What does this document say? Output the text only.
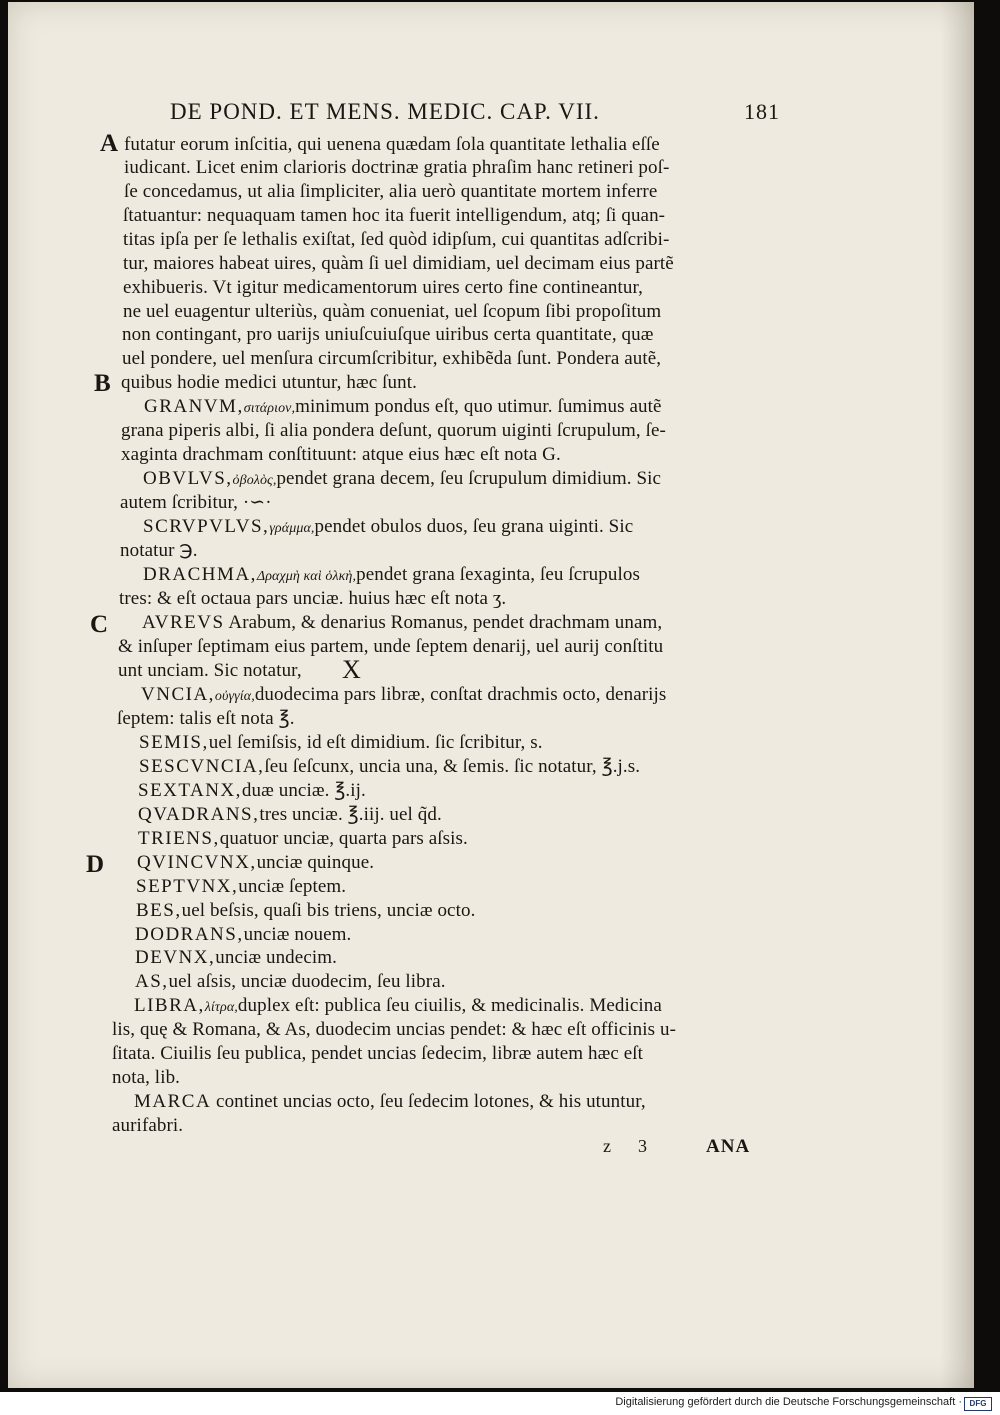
DE POND. ET MENS. MEDIC. CAP. VII.	181
A
B
C
D
futatur eorum inſcitia, qui uenena quædam ſola quantitate lethalia eſſe
iudicant. Licet enim clarioris doctrinæ gratia phraſim hanc retineri poſ-
ſe concedamus, ut alia ſimpliciter, alia uerò quantitate mortem inferre
ſtatuantur: nequaquam tamen hoc ita fuerit intelligendum, atq; ſi quan-
titas ipſa per ſe lethalis exiſtat, ſed quòd idipſum, cui quantitas adſcribi-
tur, maiores habeat uires, quàm ſi uel dimidiam, uel decimam eius partẽ
exhibueris. Vt igitur medicamentorum uires certo fine contineantur,
ne uel euagentur ulteriùs, quàm conueniat, uel ſcopum ſibi propoſitum
non contingant, pro uarijs uniuſcuiuſque uiribus certa quantitate, quæ
uel pondere, uel menſura circumſcribitur, exhibẽda ſunt. Pondera autẽ,
quibus hodie medici utuntur, hæc ſunt.
GRANVM,σιτάριον,minimum pondus eſt, quo utimur. ſumimus autẽ
grana piperis albi, ſi alia pondera deſunt, quorum uiginti ſcrupulum, ſe-
xaginta drachmam conſtituunt: atque eius hæc eſt nota G.
OBVLVS,ὀβολὸς,pendet grana decem, ſeu ſcrupulum dimidium. Sic
autem ſcribitur, ·∽·
SCRVPVLVS,γράμμα,pendet obulos duos, ſeu grana uiginti. Sic
notatur ℈.
DRACHMA,Δραχμὴ καὶ ὁλκὴ,pendet grana ſexaginta, ſeu ſcrupulos
tres: & eſt octaua pars unciæ. huius hæc eſt nota ʒ.
AVREVS Arabum, & denarius Romanus, pendet drachmam unam,
& inſuper ſeptimam eius partem, unde ſeptem denarij, uel aurij conſtitu
unt unciam. Sic notatur, X
VNCIA,οὐγγία,duodecima pars libræ, conſtat drachmis octo, denarijs
ſeptem: talis eſt nota ℥.
SEMIS,uel ſemiſsis, id eſt dimidium. ſic ſcribitur, s.
SESCVNCIA,ſeu ſeſcunx, uncia una, & ſemis. ſic notatur, ℥.j.s.
SEXTANX,duæ unciæ. ℥.ij.
QVADRANS,tres unciæ. ℥.iij. uel q̃d.
TRIENS,quatuor unciæ, quarta pars aſsis.
QVINCVNX,unciæ quinque.
SEPTVNX,unciæ ſeptem.
BES,uel beſsis, quaſi bis triens, unciæ octo.
DODRANS,unciæ nouem.
DEVNX,unciæ undecim.
AS,uel aſsis, unciæ duodecim, ſeu libra.
LIBRA,λίτρα,duplex eſt: publica ſeu ciuilis, & medicinalis. Medicina
lis, quę & Romana, & As, duodecim uncias pendet: & hæc eſt officinis u-
ſitata. Ciuilis ſeu publica, pendet uncias ſedecim, libræ autem hæc eſt
nota, lib.
MARCA continet uncias octo, ſeu ſedecim lotones, & his utuntur,
aurifabri.
z 3	ANA
Digitalisierung gefördert durch die Deutsche Forschungsgemeinschaft · DFG
